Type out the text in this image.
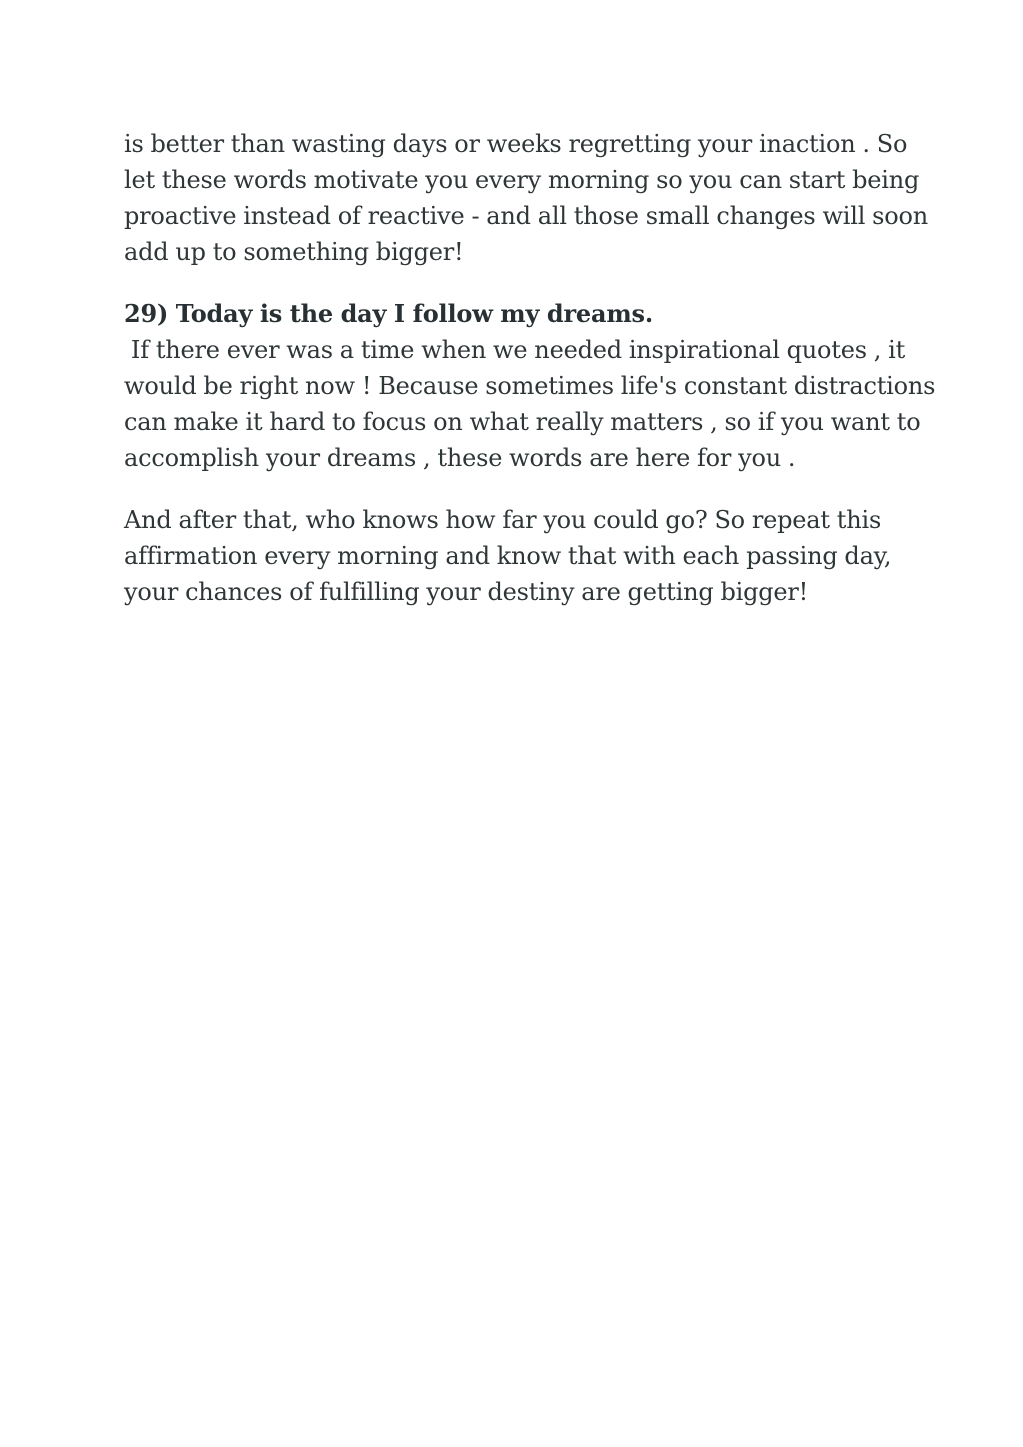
is better than wasting days or weeks regretting your inaction . So
let these words motivate you every morning so you can start being
proactive instead of reactive - and all those small changes will soon
add up to something bigger!

29) Today is the day I follow my dreams.

If there ever was a time when we needed inspirational quotes , it
would be right now ! Because sometimes life's constant distractions
can make it hard to focus on what really matters , so if you want to
accomplish your dreams , these words are here for you .

And after that, who knows how far you could go? So repeat this
affirmation every morning and know that with each passing day,
your chances of fulfilling your destiny are getting bigger!
